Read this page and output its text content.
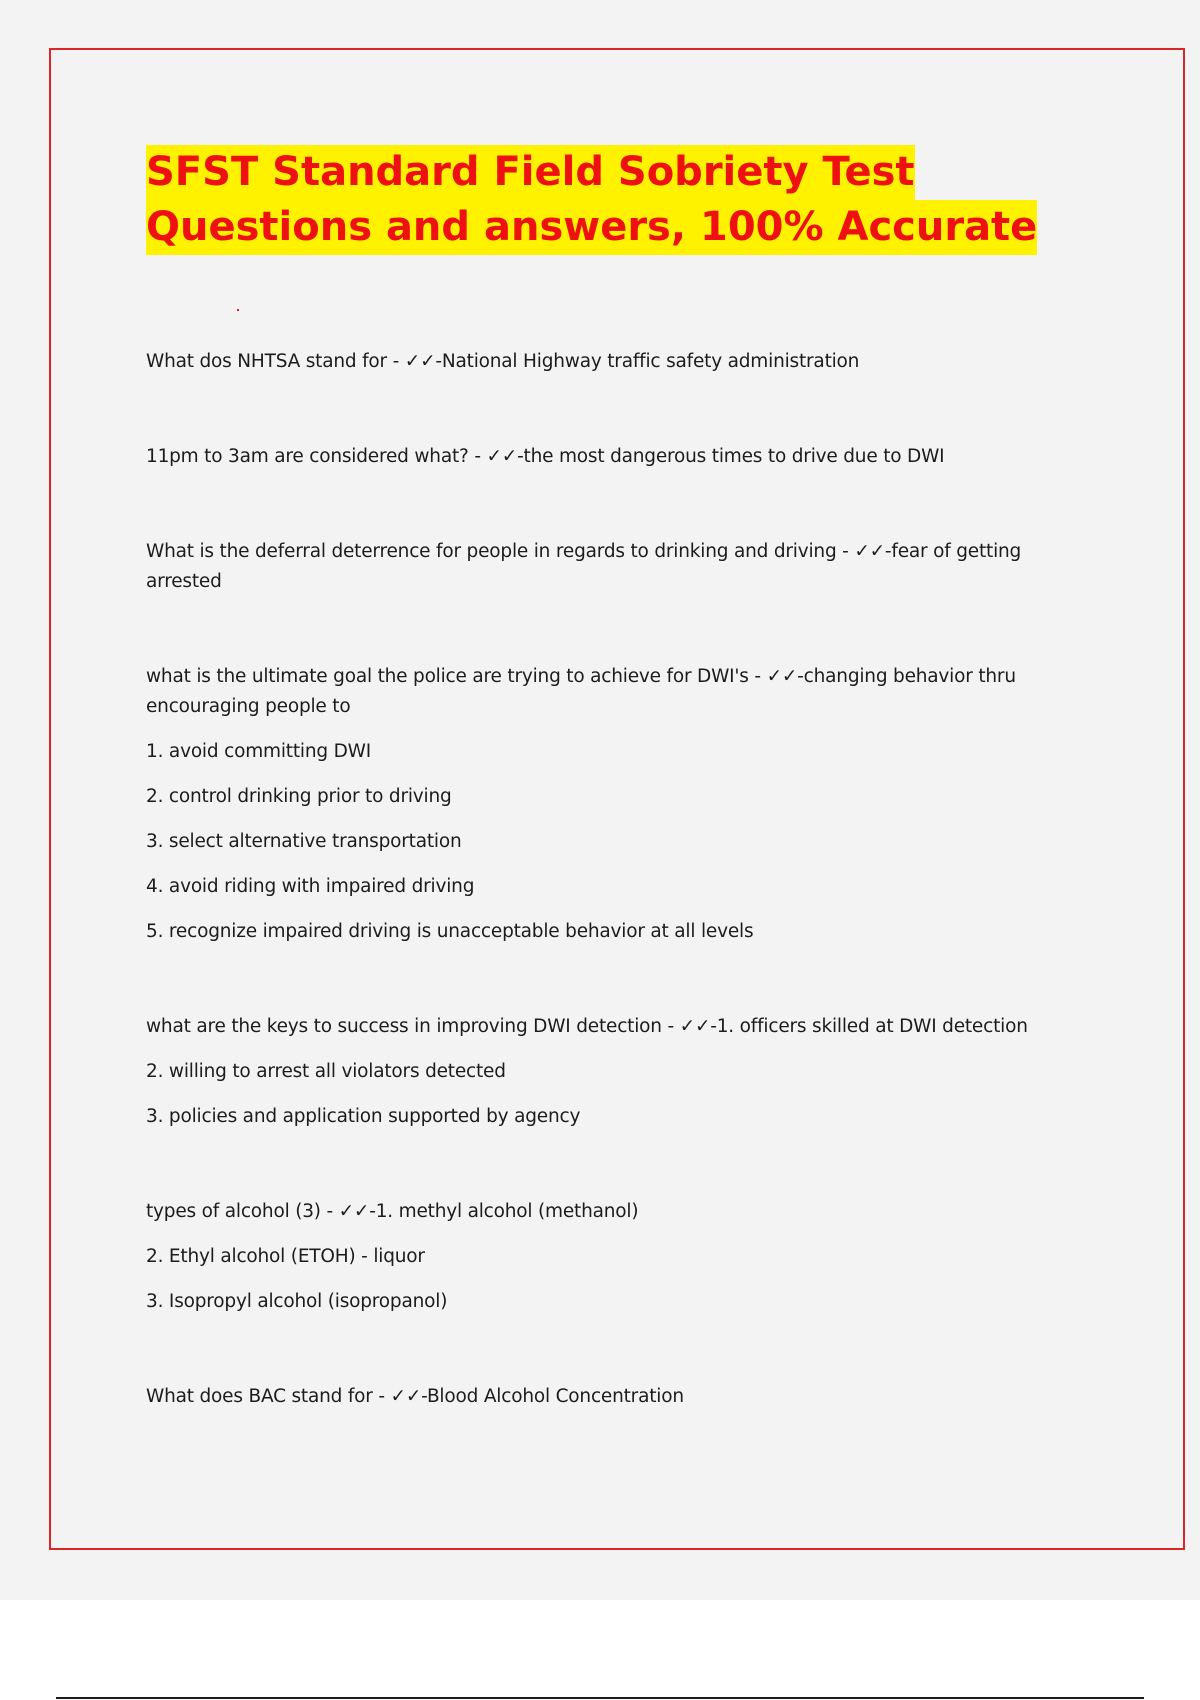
SFST Standard Field Sobriety Test
Questions and answers, 100% Accurate

What dos NHTSA stand for - ✓✓-National Highway traffic safety administration

11pm to 3am are considered what? - ✓✓-the most dangerous times to drive due to DWI

What is the deferral deterrence for people in regards to drinking and driving - ✓✓-fear of getting arrested

what is the ultimate goal the police are trying to achieve for DWI's - ✓✓-changing behavior thru encouraging people to

1. avoid committing DWI

2. control drinking prior to driving

3. select alternative transportation

4. avoid riding with impaired driving

5. recognize impaired driving is unacceptable behavior at all levels

what are the keys to success in improving DWI detection - ✓✓-1. officers skilled at DWI detection

2. willing to arrest all violators detected

3. policies and application supported by agency

types of alcohol (3) - ✓✓-1. methyl alcohol (methanol)

2. Ethyl alcohol (ETOH) - liquor

3. Isopropyl alcohol (isopropanol)

What does BAC stand for - ✓✓-Blood Alcohol Concentration
